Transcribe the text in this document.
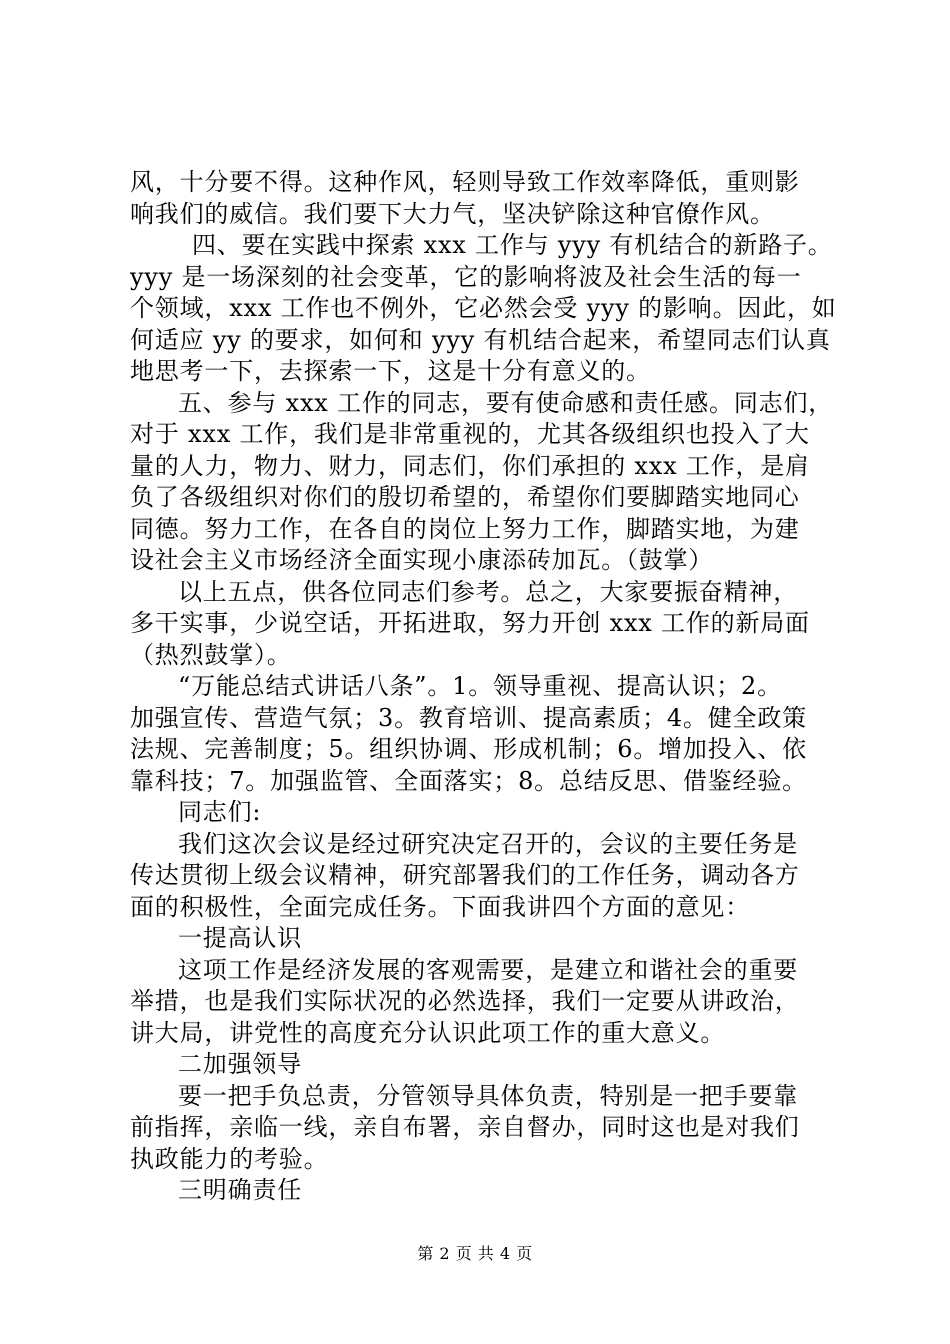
风，十分要不得。这种作风，轻则导致工作效率降低，重则影
响我们的威信。我们要下大力气，坚决铲除这种官僚作风。
四、要在实践中探索 xxx 工作与 yyy 有机结合的新路子。
yyy 是一场深刻的社会变革，它的影响将波及社会生活的每一
个领域，xxx 工作也不例外，它必然会受 yyy 的影响。因此，如
何适应 yy 的要求，如何和 yyy 有机结合起来，希望同志们认真
地思考一下，去探索一下，这是十分有意义的。
五、参与 xxx 工作的同志，要有使命感和责任感。同志们，
对于 xxx 工作，我们是非常重视的，尤其各级组织也投入了大
量的人力，物力、财力，同志们，你们承担的 xxx 工作，是肩
负了各级组织对你们的殷切希望的，希望你们要脚踏实地同心
同德。努力工作，在各自的岗位上努力工作，脚踏实地，为建
设社会主义市场经济全面实现小康添砖加瓦。（鼓掌）
以上五点，供各位同志们参考。总之，大家要振奋精神，
多干实事，少说空话，开拓进取，努力开创 xxx 工作的新局面
（热烈鼓掌）。
“万能总结式讲话八条”。1。领导重视、提高认识；2。
加强宣传、营造气氛；3。教育培训、提高素质；4。健全政策
法规、完善制度；5。组织协调、形成机制；6。增加投入、依
靠科技；7。加强监管、全面落实；8。总结反思、借鉴经验。
同志们:
我们这次会议是经过研究决定召开的，会议的主要任务是
传达贯彻上级会议精神，研究部署我们的工作任务，调动各方
面的积极性，全面完成任务。下面我讲四个方面的意见：
一提高认识
这项工作是经济发展的客观需要，是建立和谐社会的重要
举措，也是我们实际状况的必然选择，我们一定要从讲政治，
讲大局，讲党性的高度充分认识此项工作的重大意义。
二加强领导
要一把手负总责，分管领导具体负责，特别是一把手要靠
前指挥，亲临一线，亲自布署，亲自督办，同时这也是对我们
执政能力的考验。
三明确责任
第 2 页 共 4 页
